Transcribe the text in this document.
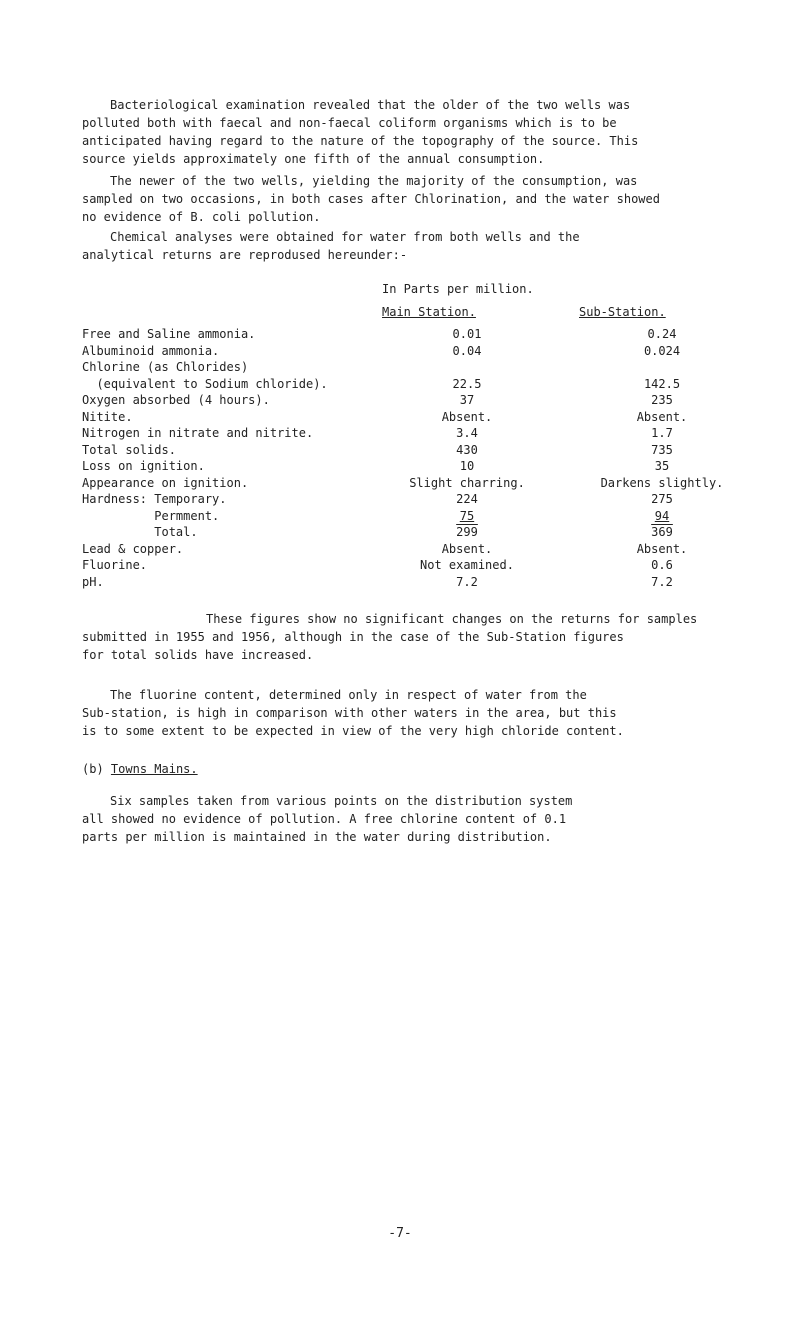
Bacteriological examination revealed that the older of the two wells was
polluted both with faecal and non-faecal coliform organisms which is to be
anticipated having regard to the nature of the topography of the source. This
source yields approximately one fifth of the annual consumption.
The newer of the two wells, yielding the majority of the consumption, was
sampled on two occasions, in both cases after Chlorination, and the water showed
no evidence of B. coli pollution.
Chemical analyses were obtained for water from both wells and the
analytical returns are reprodused hereunder:-
In Parts per million.
Main Station.	Sub-Station.
Free and Saline ammonia.	0.01	0.24
Albuminoid ammonia.	0.04	0.024
Chlorine (as Chlorides)		
(equivalent to Sodium chloride).	22.5	142.5
Oxygen absorbed (4 hours).	37	235
Nitite.	Absent.	Absent.
Nitrogen in nitrate and nitrite.	3.4	1.7
Total solids.	430	735
Loss on ignition.	10	35
Appearance on ignition.	Slight charring.	Darkens slightly.
Hardness: Temporary.	224	275
Permment.	75	94
Total.	299	369
Lead & copper.	Absent.	Absent.
Fluorine.	Not examined.	0.6
pH.	7.2	7.2
These figures show no significant changes on the returns for samples
submitted in 1955 and 1956, although in the case of the Sub-Station figures
for total solids have increased.
The fluorine content, determined only in respect of water from the
Sub-station, is high in comparison with other waters in the area, but this
is to some extent to be expected in view of the very high chloride content.
(b) Towns Mains.
Six samples taken from various points on the distribution system
all showed no evidence of pollution. A free chlorine content of 0.1
parts per million is maintained in the water during distribution.
-7-
